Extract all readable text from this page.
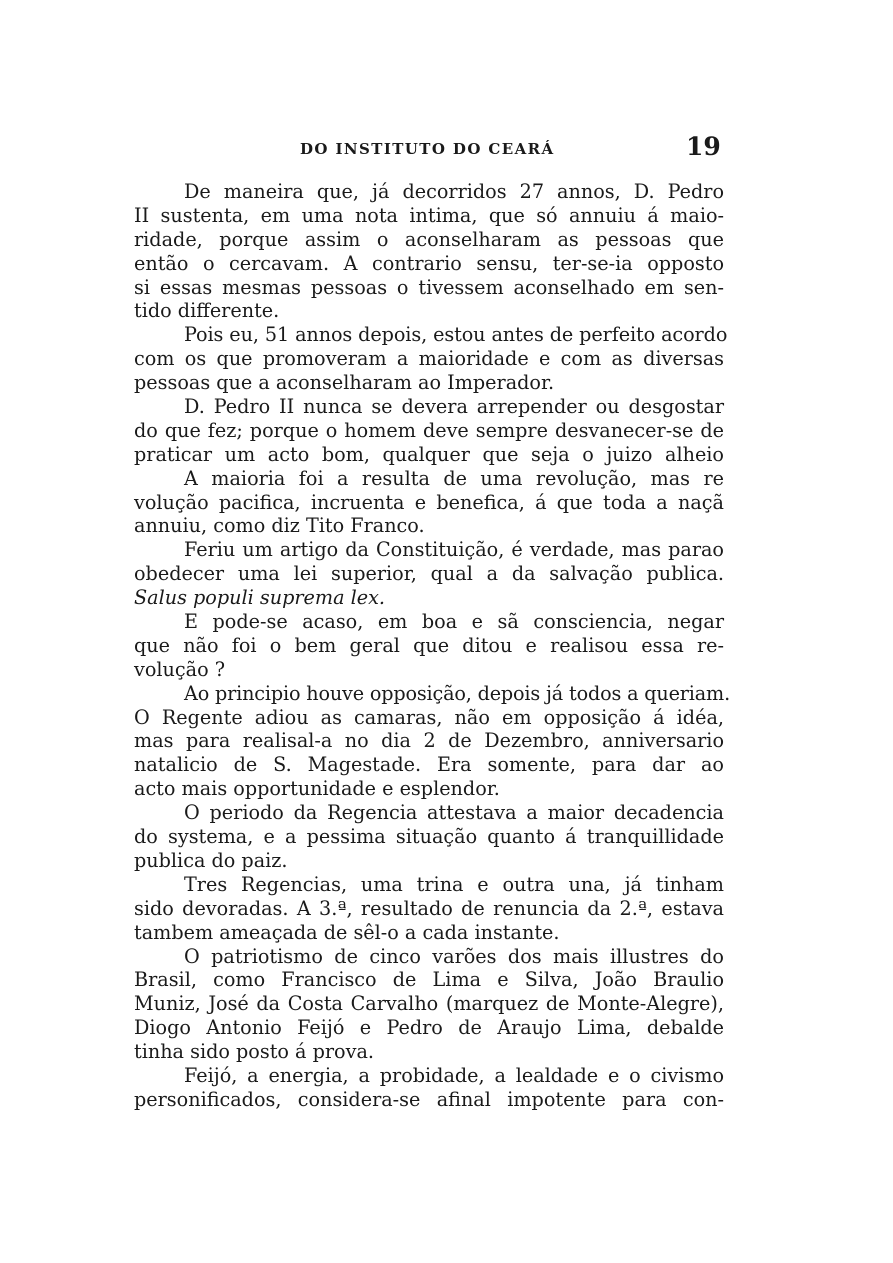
DO INSTITUTO DO CEARÁ	19
De maneira que, já decorridos 27 annos, D. Pedro
II sustenta, em uma nota intima, que só annuiu á maio-
ridade, porque assim o aconselharam as pessoas que
então o cercavam. A contrario sensu, ter-se-ia opposto
si essas mesmas pessoas o tivessem aconselhado em sen-
tido differente.
Pois eu, 51 annos depois, estou antes de perfeito acordo
com os que promoveram a maioridade e com as diversas
pessoas que a aconselharam ao Imperador.
D. Pedro II nunca se devera arrepender ou desgostar
do que fez; porque o homem deve sempre desvanecer-se de
praticar um acto bom, qualquer que seja o juizo alheio
A maioria foi a resulta de uma revolução, mas re
volução pacifica, incruenta e benefica, á que toda a naçã
annuiu, como diz Tito Franco.
Feriu um artigo da Constituição, é verdade, mas parao
obedecer uma lei superior, qual a da salvação publica.
Salus populi suprema lex.
E pode-se acaso, em boa e sã consciencia, negar
que não foi o bem geral que ditou e realisou essa re-
volução ?
Ao principio houve opposição, depois já todos a queriam.
O Regente adiou as camaras, não em opposição á idéa,
mas para realisal-a no dia 2 de Dezembro, anniversario
natalicio de S. Magestade. Era somente, para dar ao
acto mais opportunidade e esplendor.
O periodo da Regencia attestava a maior decadencia
do systema, e a pessima situação quanto á tranquillidade
publica do paiz.
Tres Regencias, uma trina e outra una, já tinham
sido devoradas. A 3.ª, resultado de renuncia da 2.ª, estava
tambem ameaçada de sêl-o a cada instante.
O patriotismo de cinco varões dos mais illustres do
Brasil, como Francisco de Lima e Silva, João Braulio
Muniz, José da Costa Carvalho (marquez de Monte-Alegre),
Diogo Antonio Feijó e Pedro de Araujo Lima, debalde
tinha sido posto á prova.
Feijó, a energia, a probidade, a lealdade e o civismo
personificados, considera-se afinal impotente para con-
